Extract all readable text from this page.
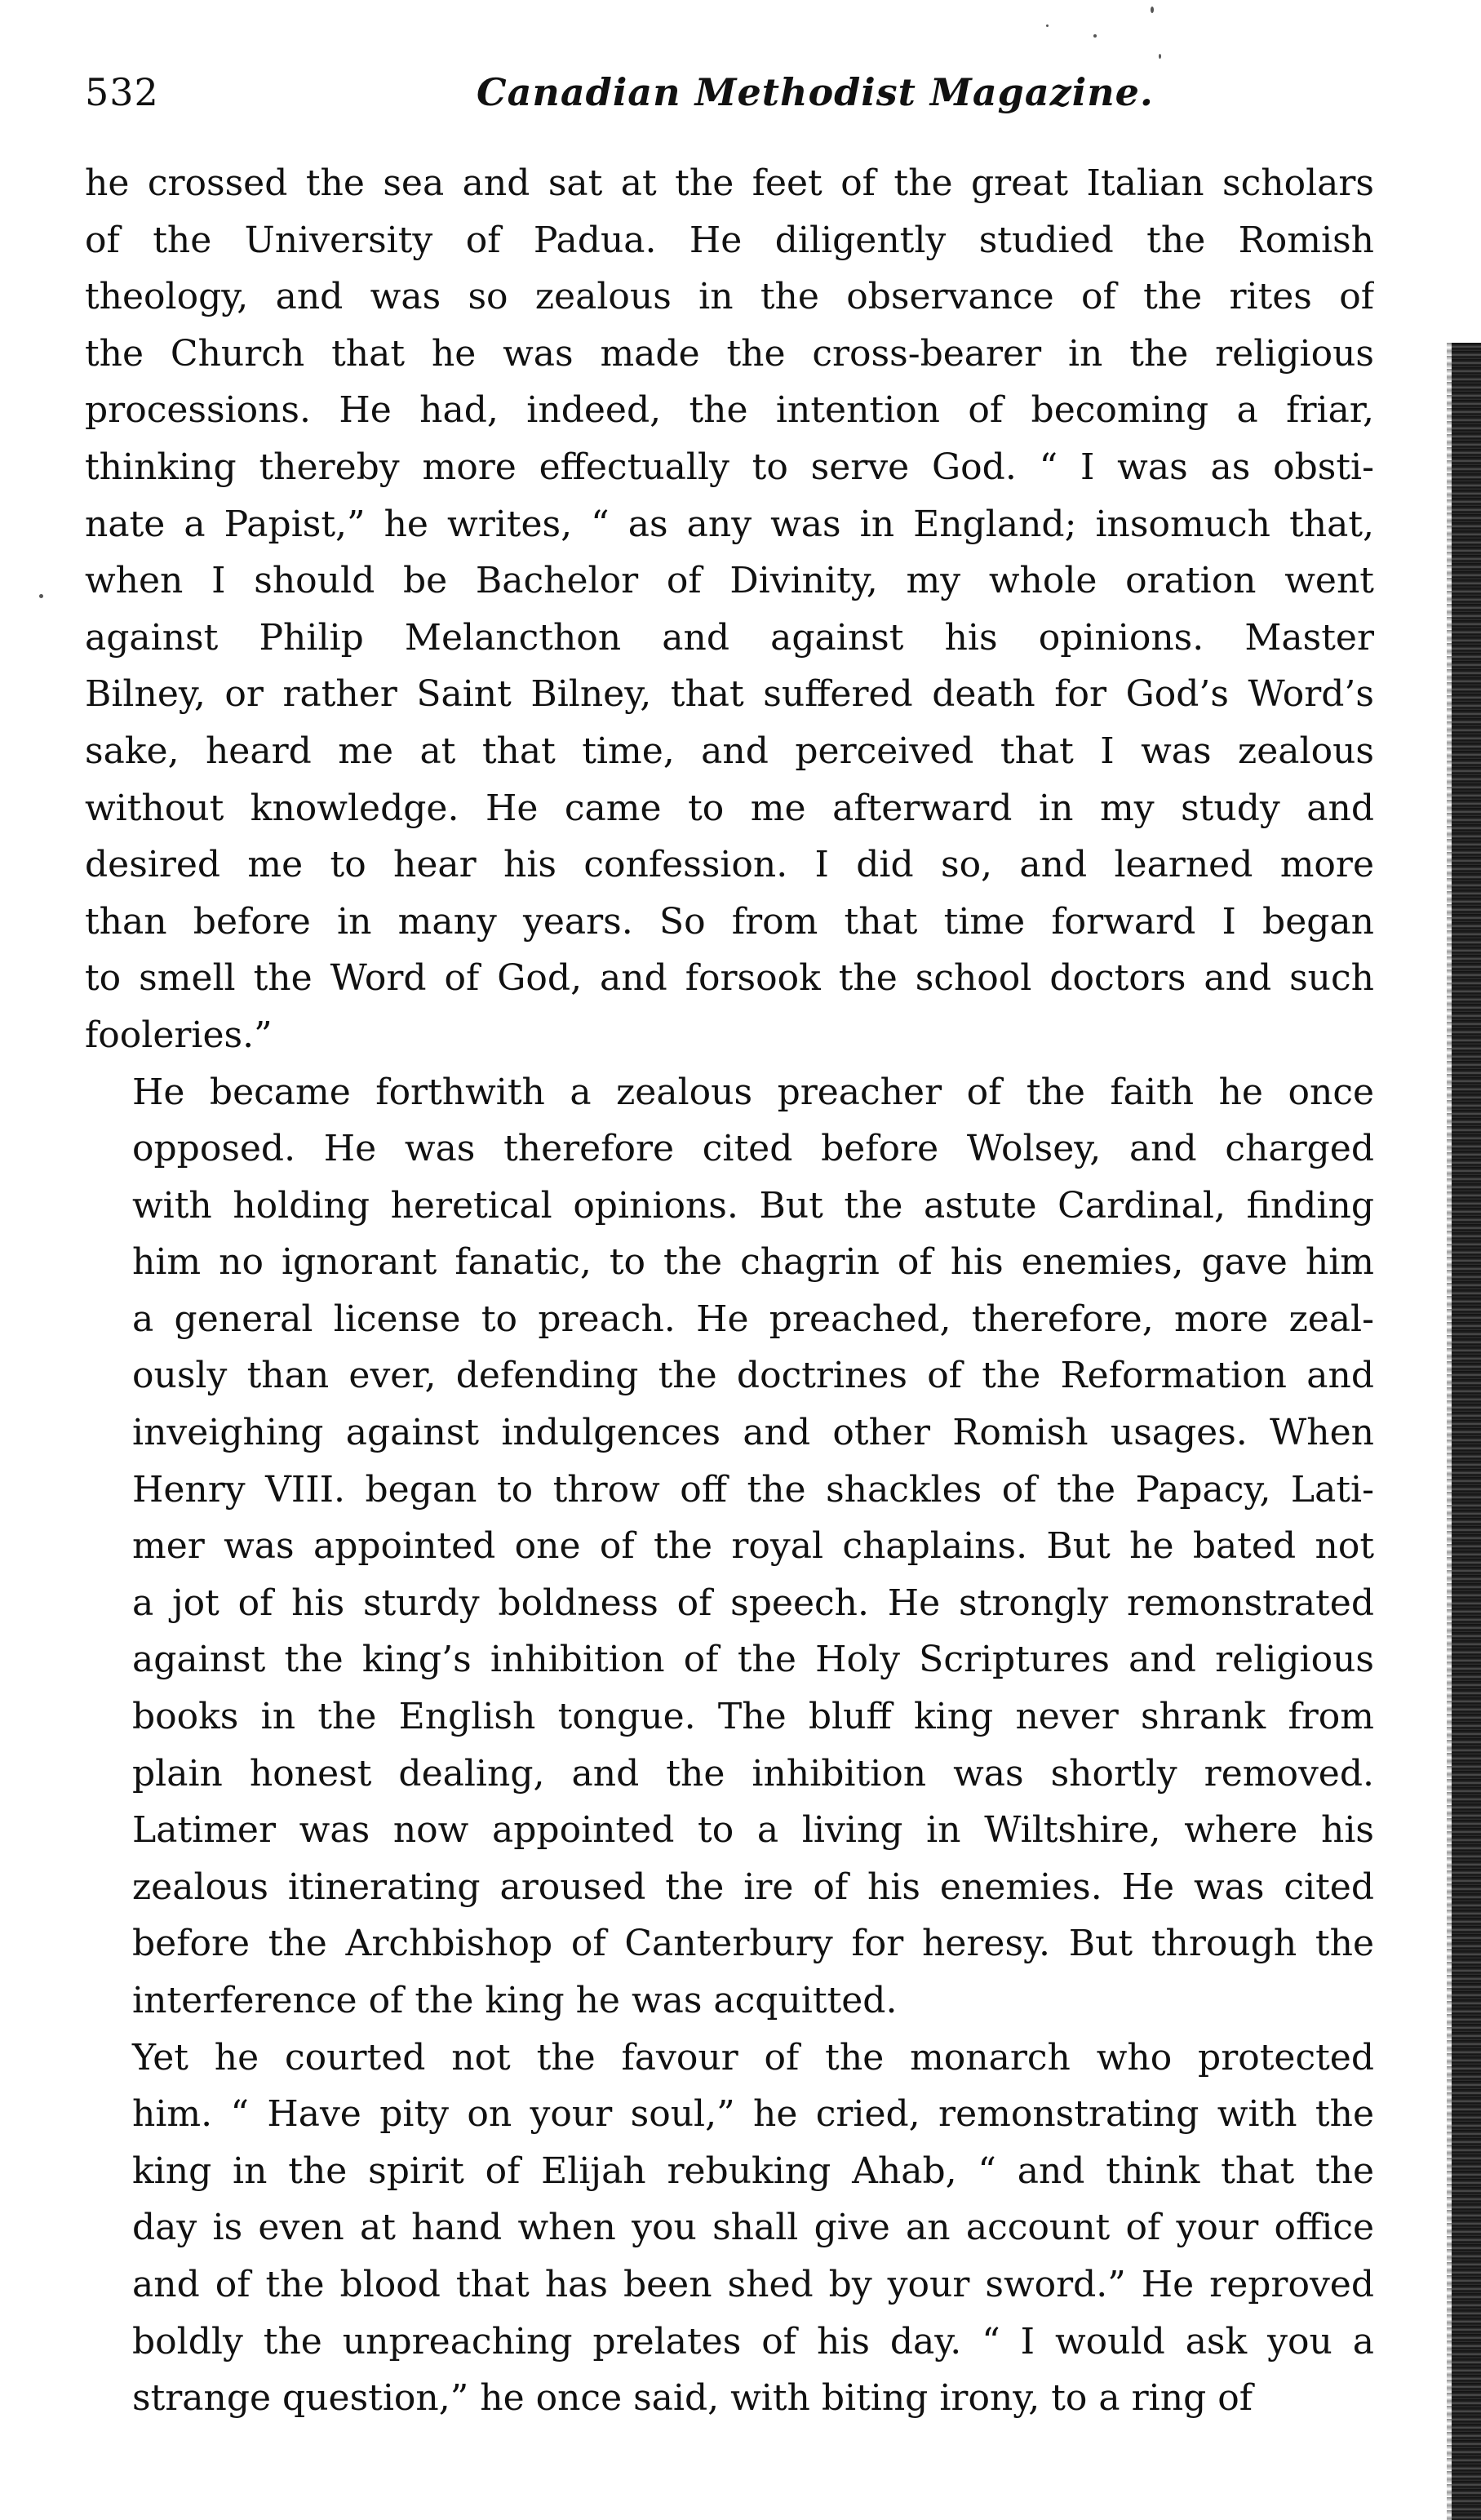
532	Canadian Methodist Magazine.
he crossed the sea and sat at the feet of the great Italian scholars
of the University of Padua. He diligently studied the Romish
theology, and was so zealous in the observance of the rites of
the Church that he was made the cross-bearer in the religious
processions. He had, indeed, the intention of becoming a friar,
thinking thereby more effectually to serve God. “ I was as obsti-
nate a Papist,” he writes, “ as any was in England; insomuch that,
when I should be Bachelor of Divinity, my whole oration went
against Philip Melancthon and against his opinions. Master
Bilney, or rather Saint Bilney, that suffered death for God’s Word’s
sake, heard me at that time, and perceived that I was zealous
without knowledge. He came to me afterward in my study and
desired me to hear his confession. I did so, and learned more
than before in many years. So from that time forward I began
to smell the Word of God, and forsook the school doctors and such
fooleries.”
He became forthwith a zealous preacher of the faith he once
opposed. He was therefore cited before Wolsey, and charged
with holding heretical opinions. But the astute Cardinal, finding
him no ignorant fanatic, to the chagrin of his enemies, gave him
a general license to preach. He preached, therefore, more zeal-
ously than ever, defending the doctrines of the Reformation and
inveighing against indulgences and other Romish usages. When
Henry VIII. began to throw off the shackles of the Papacy, Lati-
mer was appointed one of the royal chaplains. But he bated not
a jot of his sturdy boldness of speech. He strongly remonstrated
against the king’s inhibition of the Holy Scriptures and religious
books in the English tongue. The bluff king never shrank from
plain honest dealing, and the inhibition was shortly removed.
Latimer was now appointed to a living in Wiltshire, where his
zealous itinerating aroused the ire of his enemies. He was cited
before the Archbishop of Canterbury for heresy. But through the
interference of the king he was acquitted.
Yet he courted not the favour of the monarch who protected
him. “ Have pity on your soul,” he cried, remonstrating with the
king in the spirit of Elijah rebuking Ahab, “ and think that the
day is even at hand when you shall give an account of your office
and of the blood that has been shed by your sword.” He reproved
boldly the unpreaching prelates of his day. “ I would ask you a
strange question,” he once said, with biting irony, to a ring of
